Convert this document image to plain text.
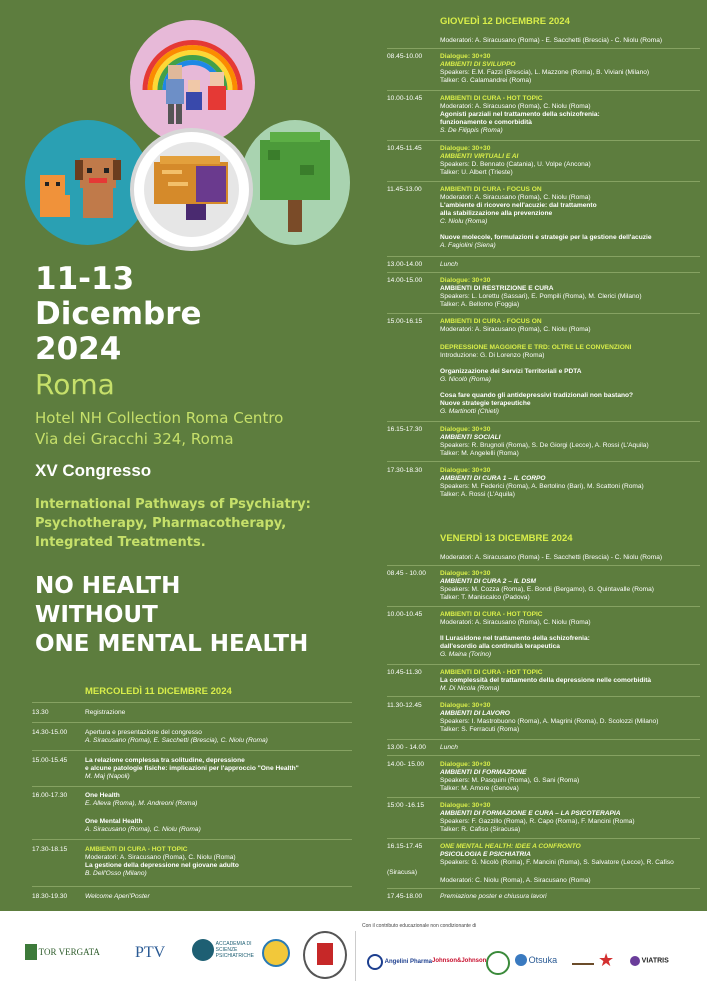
11-13
Dicembre
2024
Roma
Hotel NH Collection Roma Centro
Via dei Gracchi 324, Roma
XV Congresso
International Pathways of Psychiatry:
Psychotherapy, Pharmacotherapy,
Integrated Treatments.
NO HEALTH
WITHOUT
ONE MENTAL HEALTH
MERCOLEDÌ 11 DICEMBRE 2024
13.30	Registrazione
14.30-15.00	Apertura e presentazione del congresso
A. Siracusano (Roma), E. Sacchetti (Brescia), C. Niolu (Roma)
15.00-15.45	La relazione complessa tra solitudine, depressione
e alcune patologie fisiche: implicazioni per l'approccio "One Health"
M. Maj (Napoli)
16.00-17.30	One Health
E. Alleva (Roma), M. Andreoni (Roma)
One Mental Health
A. Siracusano (Roma), C. Niolu (Roma)
17.30-18.15	AMBIENTI DI CURA - HOT TOPIC
Moderatori: A. Siracusano (Roma), C. Niolu (Roma)
La gestione della depressione nel giovane adulto
B. Dell'Osso (Milano)
18.30-19.30	Welcome Aperi'Poster
GIOVEDÌ 12 DICEMBRE 2024
Moderatori: A. Siracusano (Roma) - E. Sacchetti (Brescia) - C. Niolu (Roma)
08.45-10.00	Dialogue: 30+30
AMBIENTI DI SVILUPPO
Speakers: E.M. Fazzi (Brescia), L. Mazzone (Roma), B. Viviani (Milano)
Talker: G. Calamandrei (Roma)
10.00-10.45	AMBIENTI DI CURA - HOT TOPIC
Moderatori: A. Siracusano (Roma), C. Niolu (Roma)
Agonisti parziali nel trattamento della schizofrenia:
funzionamento e comorbidità
S. De Filippis (Roma)
10.45-11.45	Dialogue: 30+30
AMBIENTI VIRTUALI E AI
Speakers: D. Bennato (Catania), U. Volpe (Ancona)
Talker: U. Albert (Trieste)
11.45-13.00	AMBIENTI DI CURA - FOCUS ON
Moderatori: A. Siracusano (Roma), C. Niolu (Roma)
L'ambiente di ricovero nell'acuzie: dal trattamento
alla stabilizzazione alla prevenzione
C. Niolu (Roma)
Nuove molecole, formulazioni e strategie per la gestione dell'acuzie
A. Fagiolini (Siena)
13.00-14.00	Lunch
14.00-15.00	Dialogue: 30+30
AMBIENTI DI RESTRIZIONE E CURA
Speakers: L. Lorettu (Sassari), E. Pompili (Roma), M. Clerici (Milano)
Talker: A. Bellomo (Foggia)
15.00-16.15	AMBIENTI DI CURA - FOCUS ON
Moderatori: A. Siracusano (Roma), C. Niolu (Roma)
DEPRESSIONE MAGGIORE E TRD: OLTRE LE CONVENZIONI
Introduzione: G. Di Lorenzo (Roma)
Organizzazione dei Servizi Territoriali e PDTA
G. Nicolò (Roma)
Cosa fare quando gli antidepressivi tradizionali non bastano?
Nuove strategie terapeutiche
G. Martinotti (Chieti)
16.15-17.30	Dialogue: 30+30
AMBIENTI SOCIALI
Speakers: R. Brugnoli (Roma), S. De Giorgi (Lecce), A. Rossi (L'Aquila)
Talker: M. Angelelli (Roma)
17.30-18.30	Dialogue: 30+30
AMBIENTI DI CURA 1 – IL CORPO
Speakers: M. Federici (Roma), A. Bertolino (Bari), M. Scattoni (Roma)
Talker: A. Rossi (L'Aquila)
VENERDÌ 13 DICEMBRE 2024
Moderatori: A. Siracusano (Roma) - E. Sacchetti (Brescia) - C. Niolu (Roma)
08.45 - 10.00 Dialogue: 30+30
AMBIENTI DI CURA 2 – IL DSM
Speakers: M. Cozza (Roma), E. Bondi (Bergamo), G. Quintavalle (Roma)
Talker: T. Maniscalco (Padova)
10.00-10.45	AMBIENTI DI CURA - HOT TOPIC
Moderatori: A. Siracusano (Roma), C. Niolu (Roma)
Il Lurasidone nel trattamento della schizofrenia:
dall'esordio alla continuità terapeutica
G. Maina (Torino)
10.45-11.30	AMBIENTI DI CURA - HOT TOPIC
La complessità del trattamento della depressione nelle comorbidità
M. Di Nicola (Roma)
11.30-12.45	Dialogue: 30+30
AMBIENTI DI LAVORO
Speakers: I. Mastrobuono (Roma), A. Magrini (Roma), D. Scolozzi (Milano)
Talker: S. Ferracuti (Roma)
13.00 - 14.00 Lunch
14.00- 15.00 Dialogue: 30+30
AMBIENTI DI FORMAZIONE
Speakers: M. Pasquini (Roma), G. Sani (Roma)
Talker: M. Amore (Genova)
15:00 -16.15 Dialogue: 30+30
AMBIENTI DI FORMAZIONE E CURA – LA PSICOTERAPIA
Speakers: F. Gazzillo (Roma), R. Capo (Roma), F. Mancini (Roma)
Talker: R. Cafiso (Siracusa)
16.15-17.45	ONE MENTAL HEALTH: IDEE A CONFRONTO
PSICOLOGIA E PSICHIATRIA
Speakers: G. Nicolò (Roma), F. Mancini (Roma), S. Salvatore (Lecce), R. Cafiso
(Siracusa)
Moderatori: C. Niolu (Roma), A. Siracusano (Roma)
17.45-18.00	Premiazione poster e chiusura lavori
Con il contributo educazionale non condizionante di
TOR VERGATA PTV	ACCADEMIA DI SCIENZE PSICHIATRICHE
Angelini Pharma Johnson&Johnson	Otsuka ★	VIATRIS
